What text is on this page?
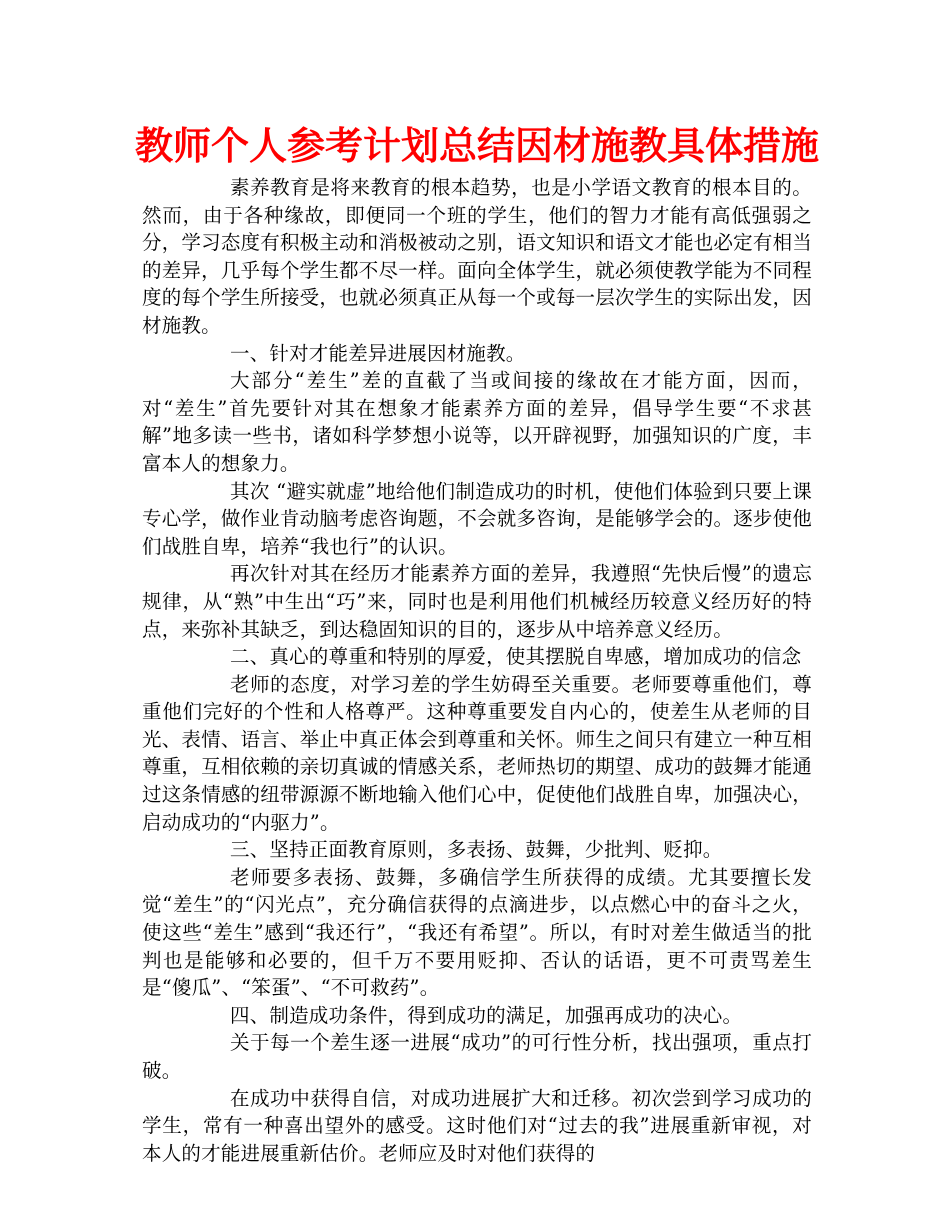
教师个人参考计划总结因材施教具体措施

素养教育是将来教育的根本趋势，也是小学语文教育的根本目的。然而，由于各种缘故，即便同一个班的学生，他们的智力才能有高低强弱之分，学习态度有积极主动和消极被动之别，语文知识和语文才能也必定有相当的差异，几乎每个学生都不尽一样。面向全体学生，就必须使教学能为不同程度的每个学生所接受，也就必须真正从每一个或每一层次学生的实际出发，因材施教。

一、针对才能差异进展因材施教。

大部分“差生”差的直截了当或间接的缘故在才能方面，因而，对“差生”首先要针对其在想象才能素养方面的差异，倡导学生要“不求甚解”地多读一些书，诸如科学梦想小说等，以开辟视野，加强知识的广度，丰富本人的想象力。

其次 “避实就虚”地给他们制造成功的时机，使他们体验到只要上课专心学，做作业肯动脑考虑咨询题，不会就多咨询，是能够学会的。逐步使他们战胜自卑，培养“我也行”的认识。

再次针对其在经历才能素养方面的差异，我遵照“先快后慢”的遗忘规律，从“熟”中生出“巧”来，同时也是利用他们机械经历较意义经历好的特点，来弥补其缺乏，到达稳固知识的目的，逐步从中培养意义经历。

二、真心的尊重和特别的厚爱，使其摆脱自卑感，增加成功的信念

老师的态度，对学习差的学生妨碍至关重要。老师要尊重他们，尊重他们完好的个性和人格尊严。这种尊重要发自内心的，使差生从老师的目光、表情、语言、举止中真正体会到尊重和关怀。师生之间只有建立一种互相尊重，互相依赖的亲切真诚的情感关系，老师热切的期望、成功的鼓舞才能通过这条情感的纽带源源不断地输入他们心中，促使他们战胜自卑，加强决心，启动成功的“内驱力”。

三、坚持正面教育原则，多表扬、鼓舞，少批判、贬抑。

老师要多表扬、鼓舞，多确信学生所获得的成绩。尤其要擅长发觉“差生”的“闪光点”，充分确信获得的点滴进步，以点燃心中的奋斗之火，使这些“差生”感到“我还行”，“我还有希望”。所以，有时对差生做适当的批判也是能够和必要的，但千万不要用贬抑、否认的话语，更不可责骂差生是“傻瓜”、“笨蛋”、“不可救药”。

四、制造成功条件，得到成功的满足，加强再成功的决心。

关于每一个差生逐一进展“成功”的可行性分析，找出强项，重点打破。

在成功中获得自信，对成功进展扩大和迁移。初次尝到学习成功的学生，常有一种喜出望外的感受。这时他们对“过去的我”进展重新审视，对本人的才能进展重新估价。老师应及时对他们获得的
